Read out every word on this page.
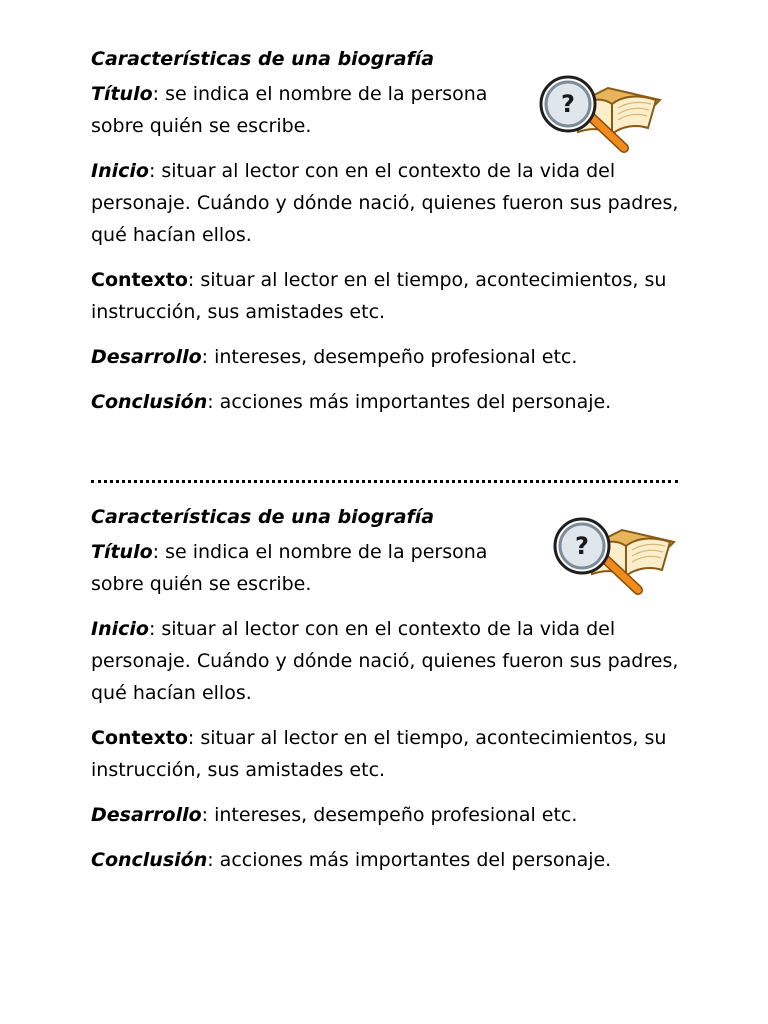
Características de una biografía

Título: se indica el nombre de la persona sobre quién se escribe.

Inicio: situar al lector con en el contexto de la vida del personaje. Cuándo y dónde nació, quienes fueron sus padres, qué hacían ellos.

Contexto: situar al lector en el tiempo, acontecimientos, su instrucción, sus amistades etc.

Desarrollo: intereses, desempeño profesional etc.

Conclusión: acciones más importantes del personaje.

?
Características de una biografía

Título: se indica el nombre de la persona sobre quién se escribe.

Inicio: situar al lector con en el contexto de la vida del personaje. Cuándo y dónde nació, quienes fueron sus padres, qué hacían ellos.

Contexto: situar al lector en el tiempo, acontecimientos, su instrucción, sus amistades etc.

Desarrollo: intereses, desempeño profesional etc.

Conclusión: acciones más importantes del personaje.

?
